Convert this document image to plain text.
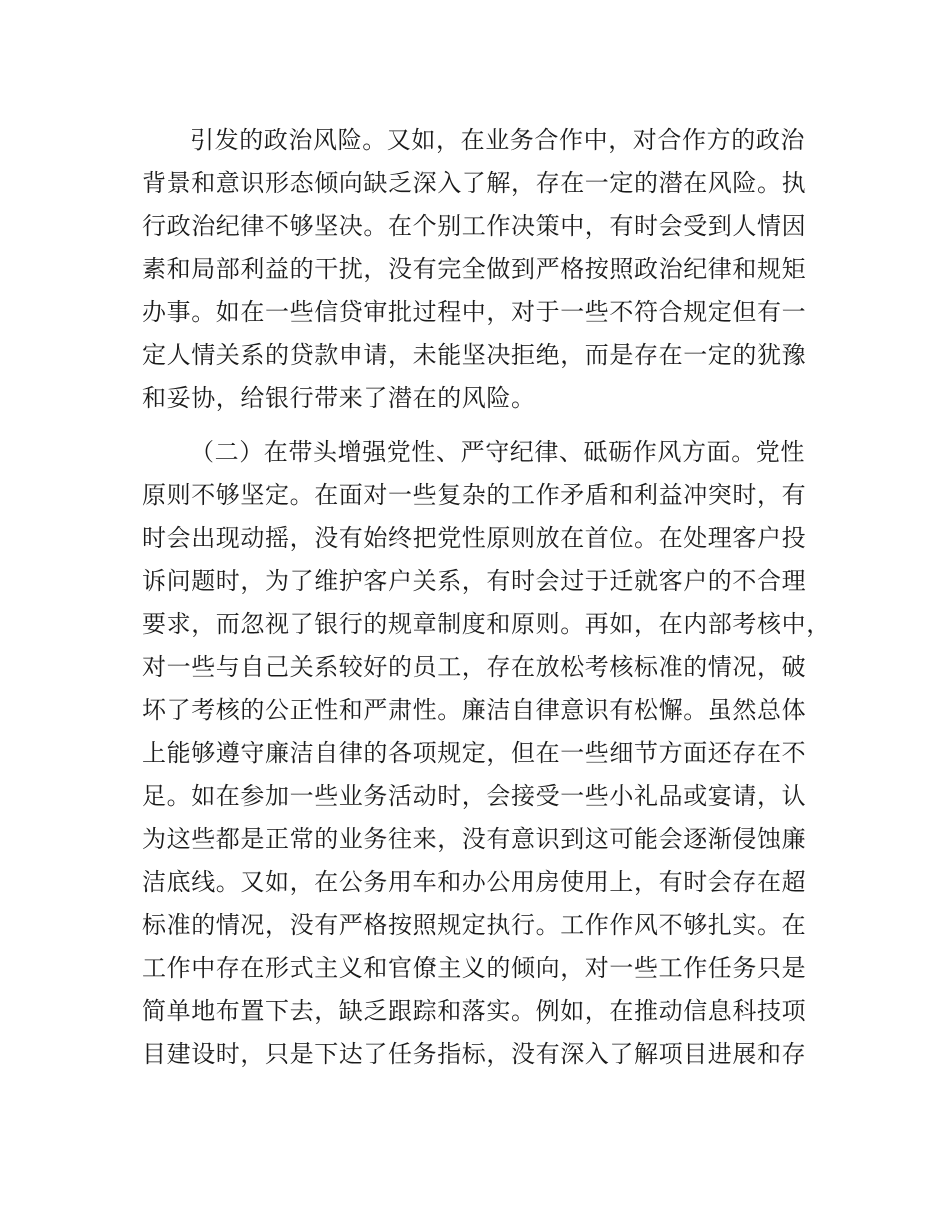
引发的政治风险。又如，在业务合作中，对合作方的政治
背景和意识形态倾向缺乏深入了解，存在一定的潜在风险。执
行政治纪律不够坚决。在个别工作决策中，有时会受到人情因
素和局部利益的干扰，没有完全做到严格按照政治纪律和规矩
办事。如在一些信贷审批过程中，对于一些不符合规定但有一
定人情关系的贷款申请，未能坚决拒绝，而是存在一定的犹豫
和妥协，给银行带来了潜在的风险。
（二）在带头增强党性、严守纪律、砥砺作风方面。党性
原则不够坚定。在面对一些复杂的工作矛盾和利益冲突时，有
时会出现动摇，没有始终把党性原则放在首位。在处理客户投
诉问题时，为了维护客户关系，有时会过于迁就客户的不合理
要求，而忽视了银行的规章制度和原则。再如，在内部考核中，
对一些与自己关系较好的员工，存在放松考核标准的情况，破
坏了考核的公正性和严肃性。廉洁自律意识有松懈。虽然总体
上能够遵守廉洁自律的各项规定，但在一些细节方面还存在不
足。如在参加一些业务活动时，会接受一些小礼品或宴请，认
为这些都是正常的业务往来，没有意识到这可能会逐渐侵蚀廉
洁底线。又如，在公务用车和办公用房使用上，有时会存在超
标准的情况，没有严格按照规定执行。工作作风不够扎实。在
工作中存在形式主义和官僚主义的倾向，对一些工作任务只是
简单地布置下去，缺乏跟踪和落实。例如，在推动信息科技项
目建设时，只是下达了任务指标，没有深入了解项目进展和存
